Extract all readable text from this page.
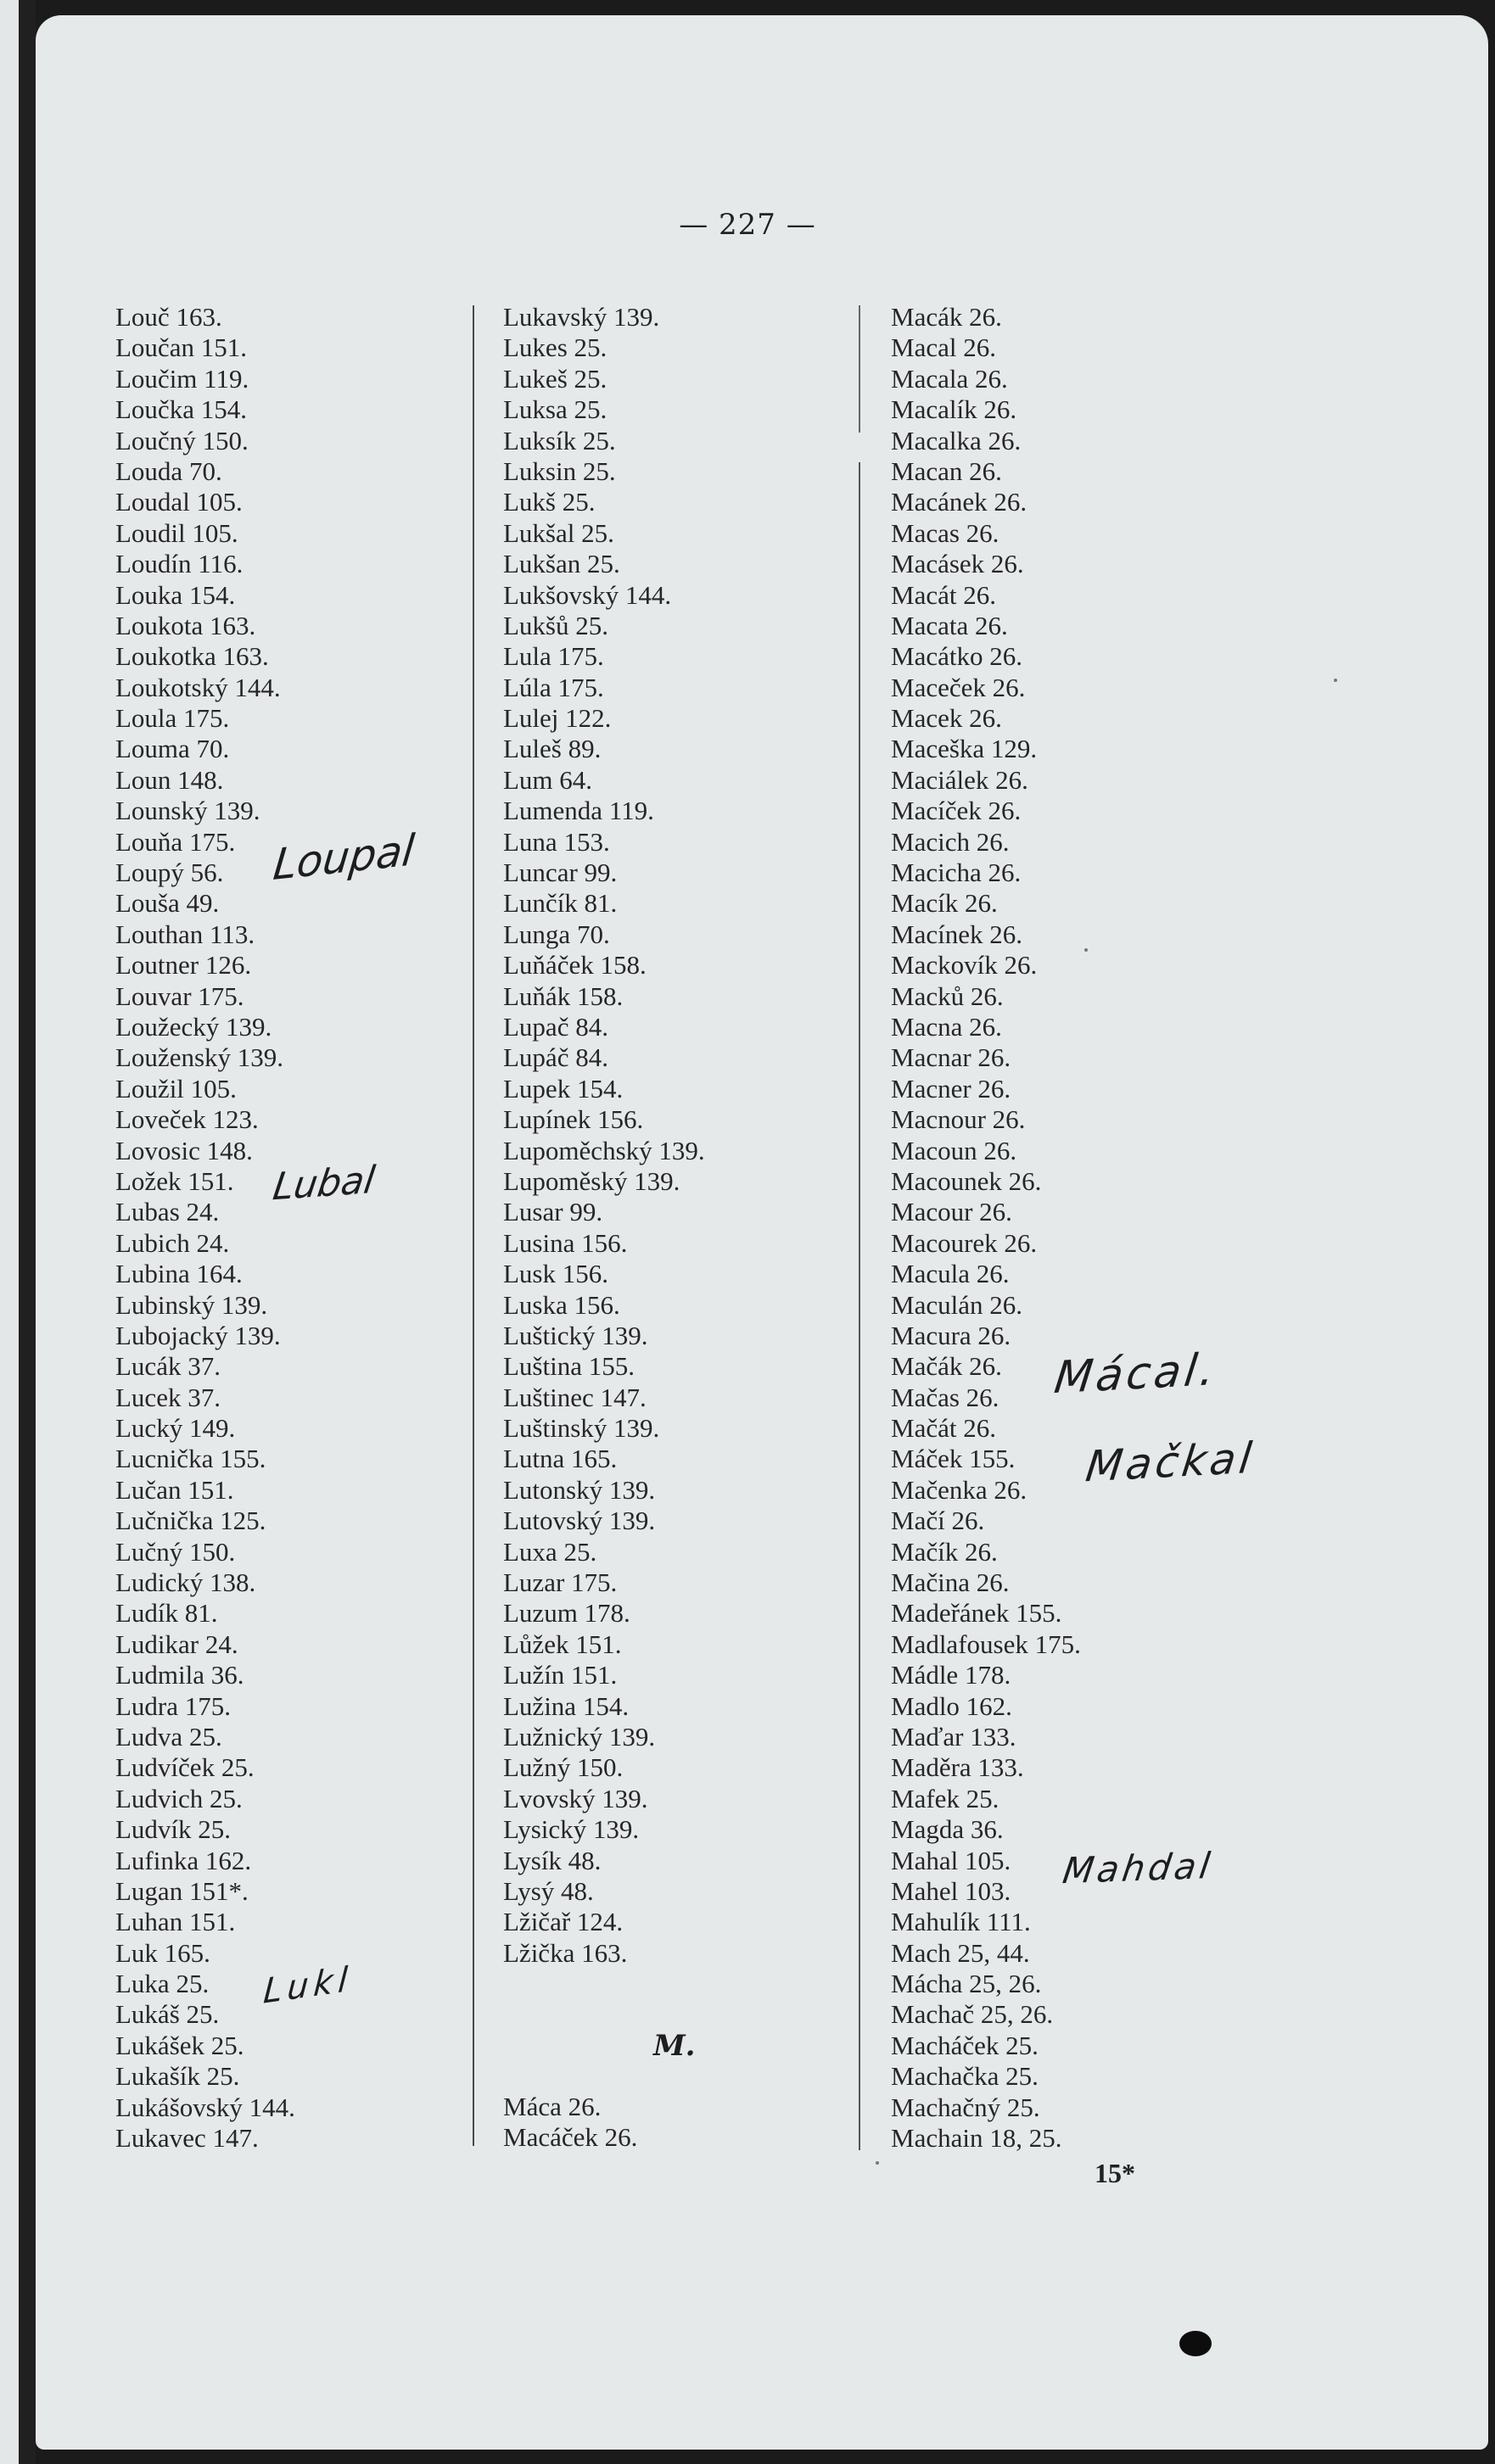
— 227 —
Louč 163.
Loučan 151.
Loučim 119.
Loučka 154.
Loučný 150.
Louda 70.
Loudal 105.
Loudil 105.
Loudín 116.
Louka 154.
Loukota 163.
Loukotka 163.
Loukotský 144.
Loula 175.
Louma 70.
Loun 148.
Lounský 139.
Louňa 175.
Loupý 56.
Louša 49.
Louthan 113.
Loutner 126.
Louvar 175.
Loužecký 139.
Louženský 139.
Loužil 105.
Loveček 123.
Lovosic 148.
Ložek 151.
Lubas 24.
Lubich 24.
Lubina 164.
Lubinský 139.
Lubojacký 139.
Lucák 37.
Lucek 37.
Lucký 149.
Lucnička 155.
Lučan 151.
Lučnička 125.
Lučný 150.
Ludický 138.
Ludík 81.
Ludikar 24.
Ludmila 36.
Ludra 175.
Ludva 25.
Ludvíček 25.
Ludvich 25.
Ludvík 25.
Lufinka 162.
Lugan 151*.
Luhan 151.
Luk 165.
Luka 25.
Lukáš 25.
Lukášek 25.
Lukašík 25.
Lukášovský 144.
Lukavec 147.
Lukavský 139.
Lukes 25.
Lukeš 25.
Luksa 25.
Luksík 25.
Luksin 25.
Lukš 25.
Lukšal 25.
Lukšan 25.
Lukšovský 144.
Lukšů 25.
Lula 175.
Lúla 175.
Lulej 122.
Luleš 89.
Lum 64.
Lumenda 119.
Luna 153.
Luncar 99.
Lunčík 81.
Lunga 70.
Luňáček 158.
Luňák 158.
Lupač 84.
Lupáč 84.
Lupek 154.
Lupínek 156.
Lupoměchský 139.
Lupoměský 139.
Lusar 99.
Lusina 156.
Lusk 156.
Luska 156.
Luštický 139.
Luština 155.
Luštinec 147.
Luštinský 139.
Lutna 165.
Lutonský 139.
Lutovský 139.
Luxa 25.
Luzar 175.
Luzum 178.
Lůžek 151.
Lužín 151.
Lužina 154.
Lužnický 139.
Lužný 150.
Lvovský 139.
Lysický 139.
Lysík 48.
Lysý 48.
Lžičař 124.
Lžička 163.
M.
Máca 26.
Macáček 26.
Macák 26.
Macal 26.
Macala 26.
Macalík 26.
Macalka 26.
Macan 26.
Macánek 26.
Macas 26.
Macásek 26.
Macát 26.
Macata 26.
Macátko 26.
Maceček 26.
Macek 26.
Maceška 129.
Maciálek 26.
Macíček 26.
Macich 26.
Macicha 26.
Macík 26.
Macínek 26.
Mackovík 26.
Macků 26.
Macna 26.
Macnar 26.
Macner 26.
Macnour 26.
Macoun 26.
Macounek 26.
Macour 26.
Macourek 26.
Macula 26.
Maculán 26.
Macura 26.
Mačák 26.
Mačas 26.
Mačát 26.
Máček 155.
Mačenka 26.
Mačí 26.
Mačík 26.
Mačina 26.
Madeřánek 155.
Madlafousek 175.
Mádle 178.
Madlo 162.
Maďar 133.
Maděra 133.
Mafek 25.
Magda 36.
Mahal 105.
Mahel 103.
Mahulík 111.
Mach 25, 44.
Mácha 25, 26.
Machač 25, 26.
Macháček 25.
Machačka 25.
Machačný 25.
Machain 18, 25.
15*
Loupal
Lubal
Lukl
Mácal.
Mačkal
Mahdal
